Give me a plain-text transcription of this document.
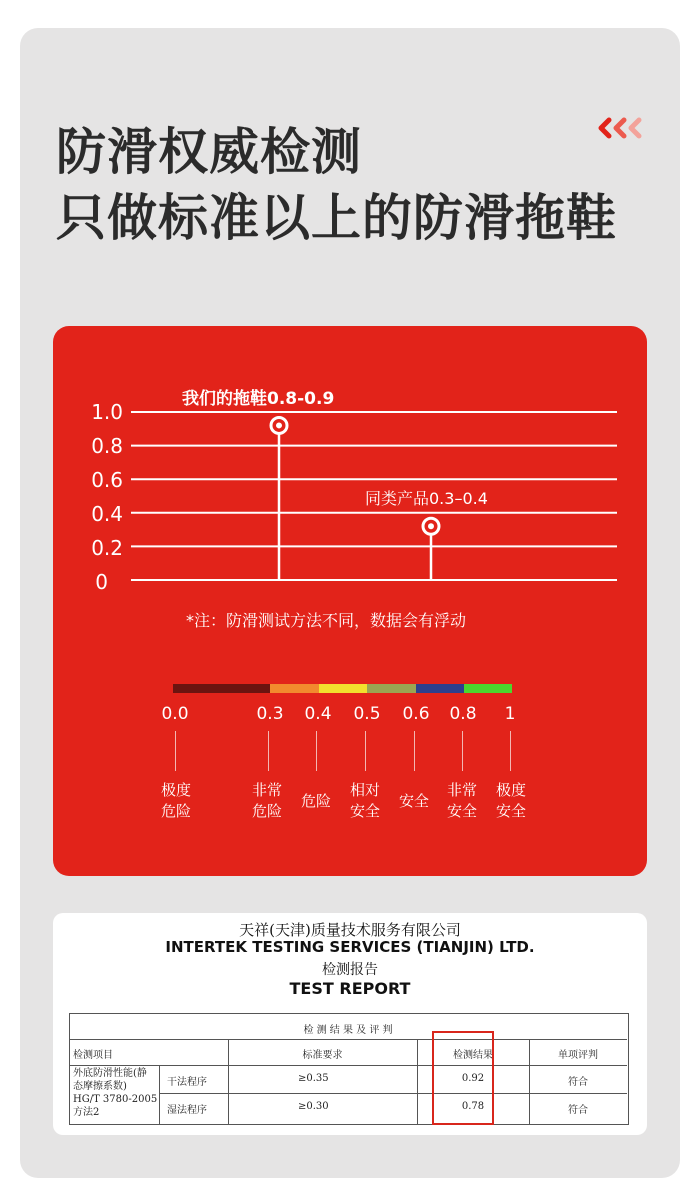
防滑权威检测
只做标准以上的防滑拖鞋
1.0
0.8
0.6
0.4
0.2
0
我们的拖鞋0.8-0.9
同类产品0.3–0.4
*注：防滑测试方法不同，数据会有浮动
0.0	0.3	0.4	0.5	0.6	0.8	1
极度
危险
非常
危险
危险
相对
安全
安全
非常
安全
极度
安全
天祥(天津)质量技术服务有限公司
INTERTEK TESTING SERVICES (TIANJIN) LTD.
检测报告
TEST REPORT
检 测 结 果 及 评 判
检测项目	标准要求	检测结果	单项评判
外底防滑性能(静
态摩擦系数)
HG/T 3780-2005
方法2
干法程序	≥0.35	0.92	符合
湿法程序	≥0.30	0.78	符合
